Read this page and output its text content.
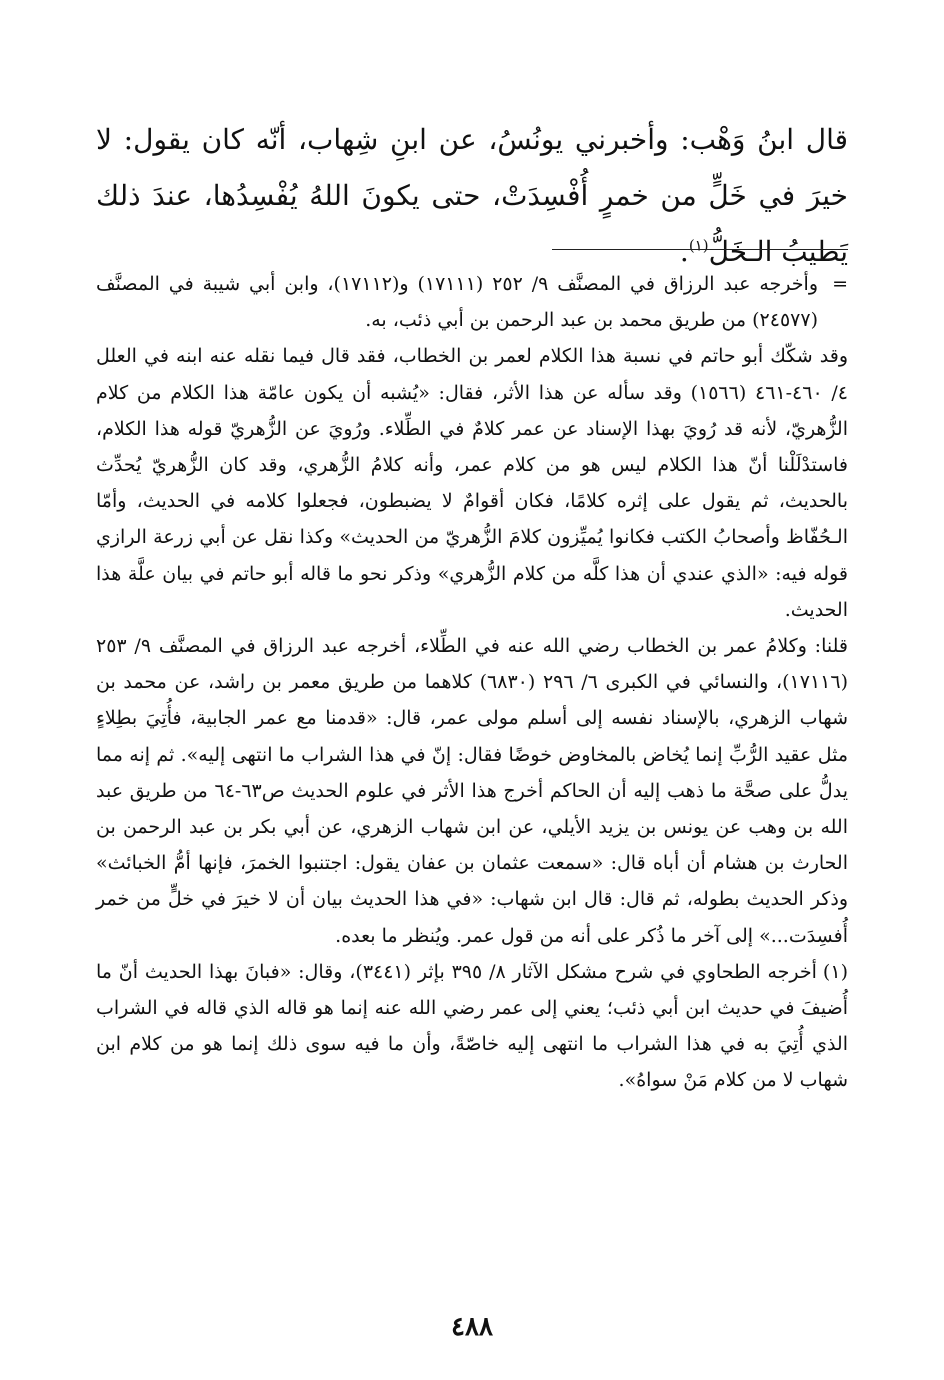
قال ابنُ وَهْب: وأخبرني يونُسُ، عن ابنِ شِهاب، أنّه كان يقول: لا خيرَ في خَلٍّ من خمرٍ أُفْسِدَتْ، حتى يكونَ اللهُ يُفْسِدُها، عندَ ذلك يَطيبُ الـخَلُّ$^{(١)}$.

=
وأخرجه عبد الرزاق في المصنَّف ٩/ ٢٥٢ (١٧١١١) و(١٧١١٢)، وابن أبي شيبة في المصنَّف (٢٤٥٧٧) من طريق محمد بن عبد الرحمن بن أبي ذئب، به.

وقد شكّك أبو حاتم في نسبة هذا الكلام لعمر بن الخطاب، فقد قال فيما نقله عنه ابنه في العلل ٤/ ٤٦٠-٤٦١ (١٥٦٦) وقد سأله عن هذا الأثر، فقال: «يُشبه أن يكون عامّة هذا الكلام من كلام الزُّهريّ، لأنه قد رُويَ بهذا الإسناد عن عمر كلامٌ في الطِّلاء. ورُويَ عن الزُّهريّ قوله هذا الكلام، فاستدْلَلْنا أنّ هذا الكلام ليس هو من كلام عمر، وأنه كلامُ الزُّهري، وقد كان الزُّهريّ يُحدِّث بالحديث، ثم يقول على إثره كلامًا، فكان أقوامٌ لا يضبطون، فجعلوا كلامه في الحديث، وأمّا الـحُفّاظ وأصحابُ الكتب فكانوا يُميِّزون كلامَ الزُّهريّ من الحديث» وكذا نقل عن أبي زرعة الرازي قوله فيه: «الذي عندي أن هذا كلَّه من كلام الزُّهري» وذكر نحو ما قاله أبو حاتم في بيان علَّة هذا الحديث.

قلنا: وكلامُ عمر بن الخطاب رضي الله عنه في الطِّلاء، أخرجه عبد الرزاق في المصنَّف ٩/ ٢٥٣ (١٧١١٦)، والنسائي في الكبرى ٦/ ٢٩٦ (٦٨٣٠) كلاهما من طريق معمر بن راشد، عن محمد بن شهاب الزهري، بالإسناد نفسه إلى أسلم مولى عمر، قال: «قدمنا مع عمر الجابية، فأُتِيَ بطِلاءٍ مثل عقيد الرُّبِّ إنما يُخاض بالمخاوض خوضًا فقال: إنّ في هذا الشراب ما انتهى إليه». ثم إنه مما يدلُّ على صحَّة ما ذهب إليه أن الحاكم أخرج هذا الأثر في علوم الحديث ص٦٣-٦٤ من طريق عبد الله بن وهب عن يونس بن يزيد الأيلي، عن ابن شهاب الزهري، عن أبي بكر بن عبد الرحمن بن الحارث بن هشام أن أباه قال: «سمعت عثمان بن عفان يقول: اجتنبوا الخمرَ، فإنها أمُّ الخبائث» وذكر الحديث بطوله، ثم قال: قال ابن شهاب: «في هذا الحديث بيان أن لا خيرَ في خلٍّ من خمر أُفسِدَت...» إلى آخر ما ذُكر على أنه من قول عمر. ويُنظر ما بعده.

(١)أخرجه الطحاوي في شرح مشكل الآثار ٨/ ٣٩٥ بإثر (٣٤٤١)، وقال: «فبانَ بهذا الحديث أنّ ما أُضيفَ في حديث ابن أبي ذئب؛ يعني إلى عمر رضي الله عنه إنما هو قاله الذي قاله في الشراب الذي أُتِيَ به في هذا الشراب ما انتهى إليه خاصّةً، وأن ما فيه سوى ذلك إنما هو من كلام ابن شهاب لا من كلام مَنْ سواهُ».

٤٨٨
